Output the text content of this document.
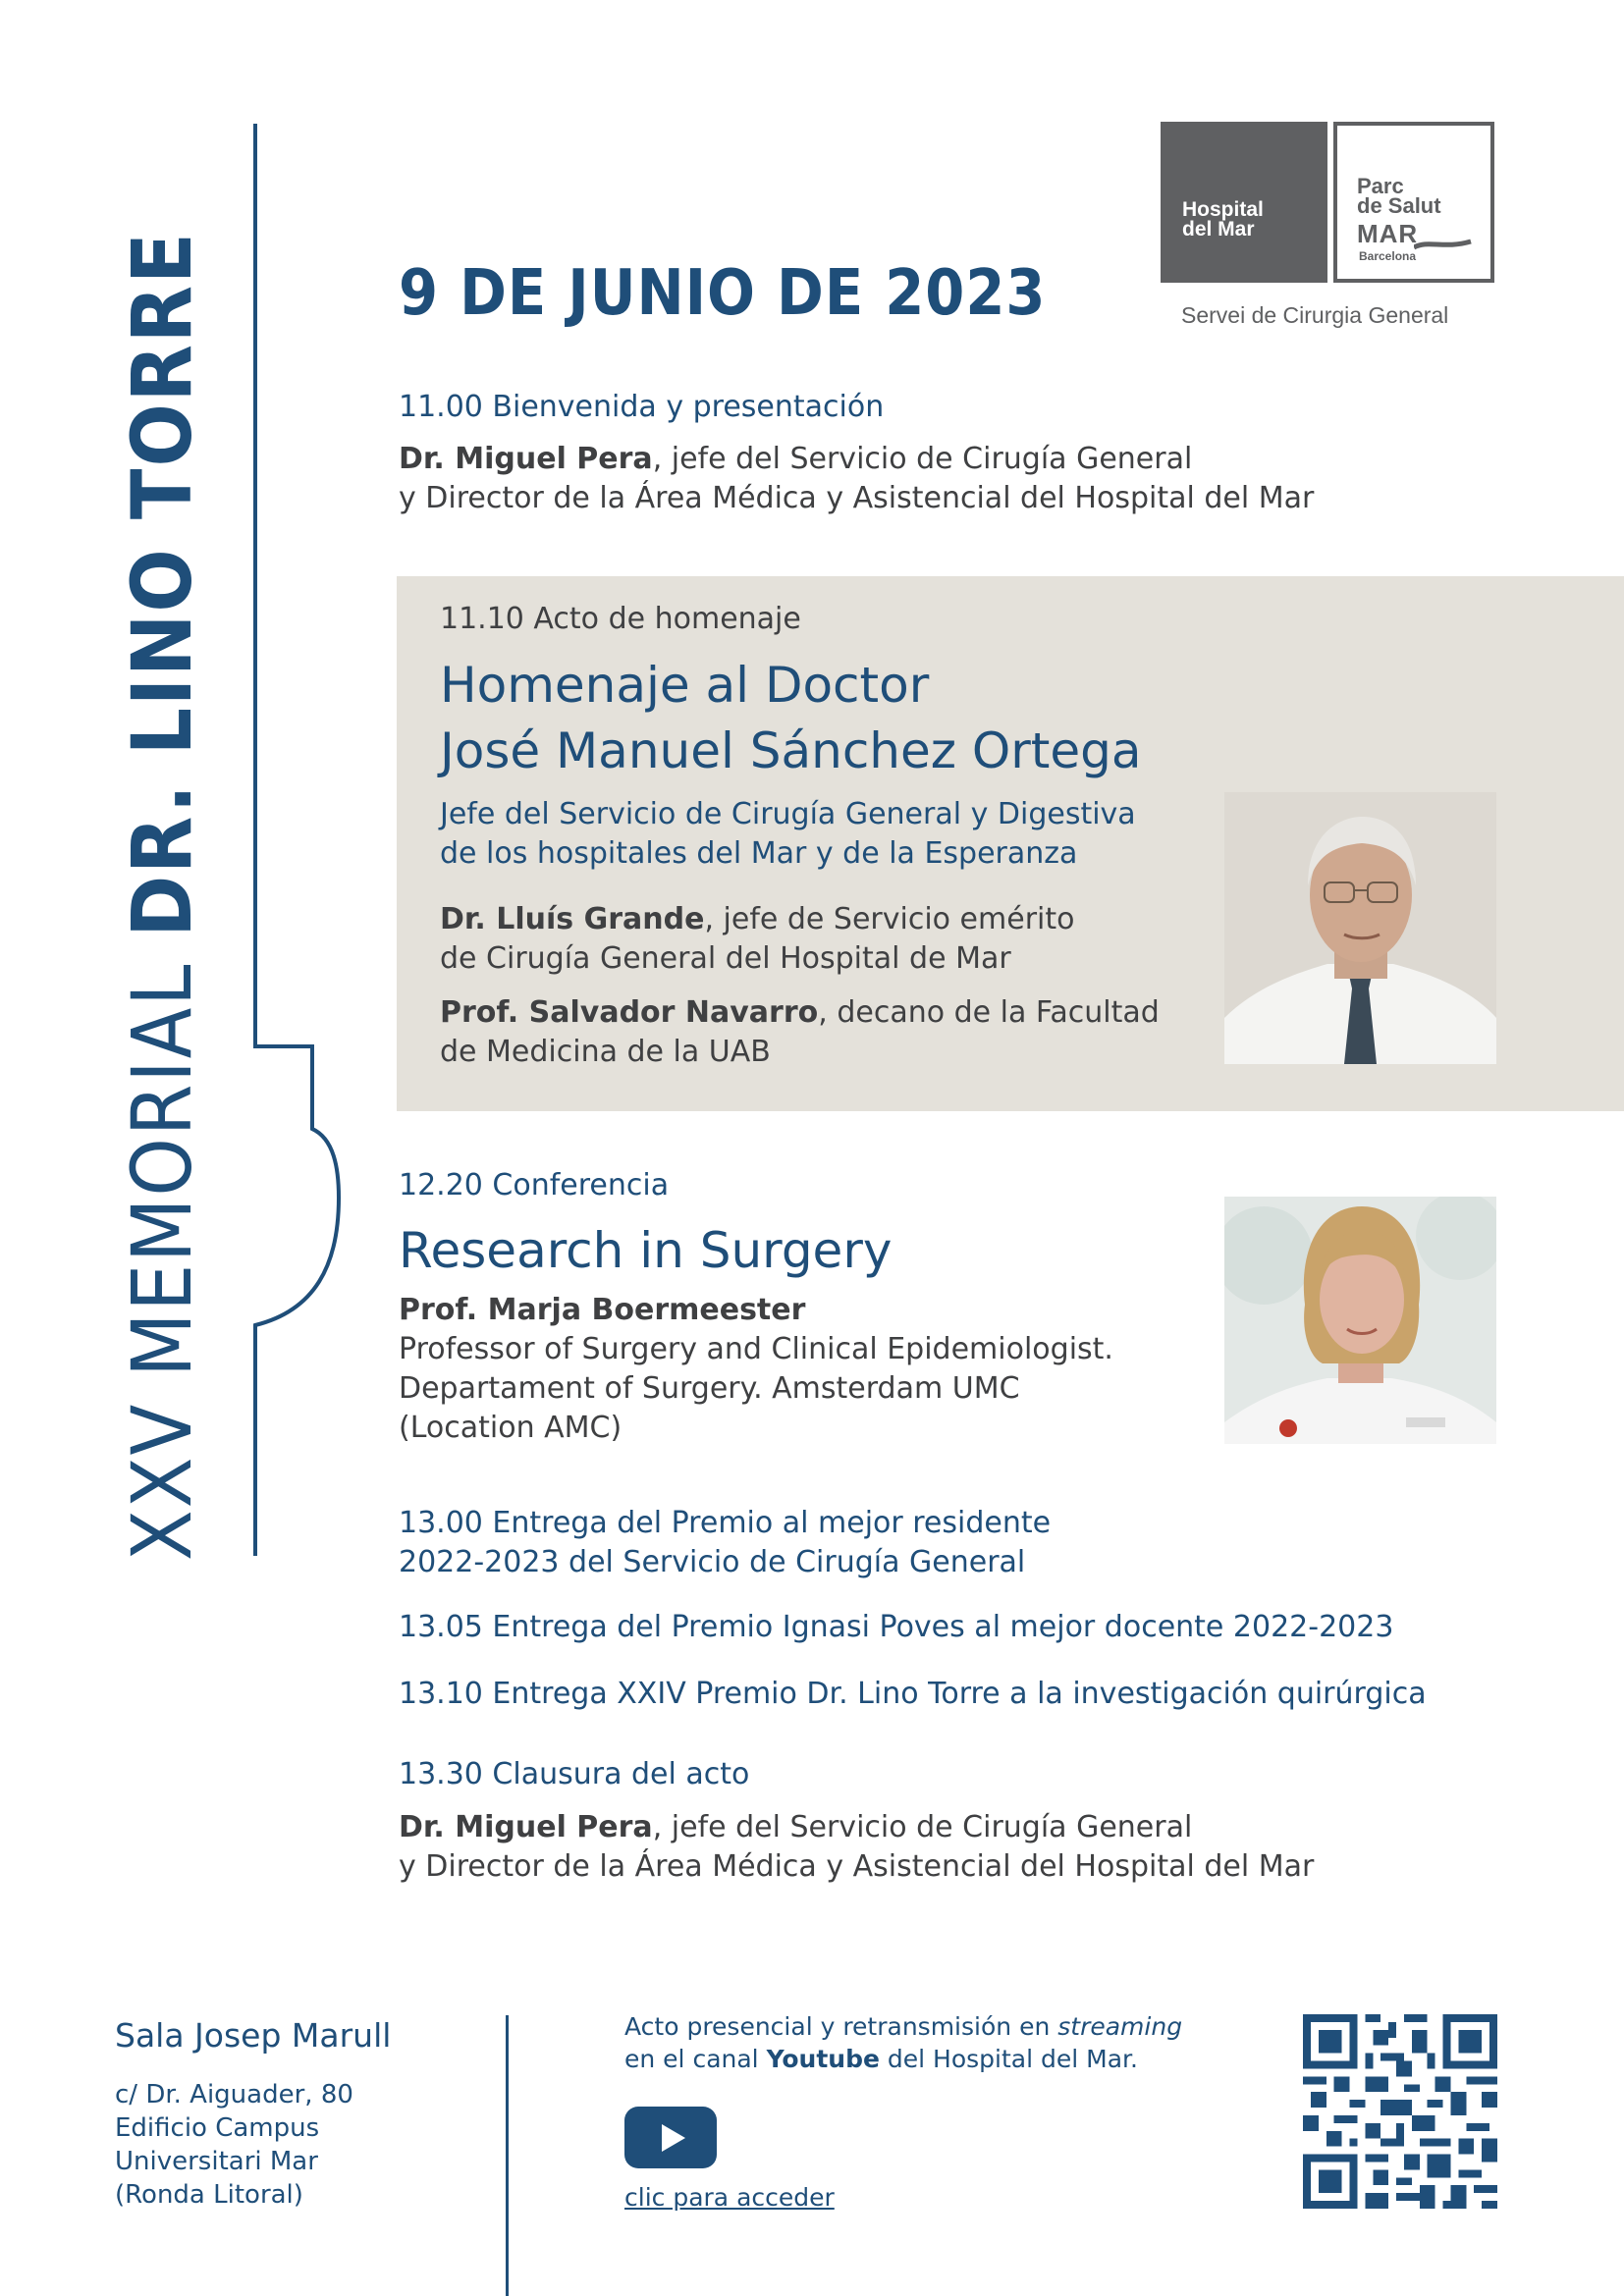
XXV MEMORIAL DR. LINO TORRE
Hospital
del Mar
Parc
de Salut
MAR
Barcelona
Servei de Cirurgia General
9 DE JUNIO DE 2023
11.00 Bienvenida y presentación
Dr. Miguel Pera, jefe del Servicio de Cirugía General
y Director de la Área Médica y Asistencial del Hospital del Mar
11.10 Acto de homenaje
Homenaje al Doctor
José Manuel Sánchez Ortega
Jefe del Servicio de Cirugía General y Digestiva
de los hospitales del Mar y de la Esperanza
Dr. Lluís Grande, jefe de Servicio emérito
de Cirugía General del Hospital de Mar
Prof. Salvador Navarro, decano de la Facultad
de Medicina de la UAB
12.20 Conferencia
Research in Surgery
Prof. Marja Boermeester
Professor of Surgery and Clinical Epidemiologist.
Departament of Surgery. Amsterdam UMC
(Location AMC)
13.00 Entrega del Premio al mejor residente
2022-2023 del Servicio de Cirugía General
13.05 Entrega del Premio Ignasi Poves al mejor docente 2022-2023
13.10 Entrega XXIV Premio Dr. Lino Torre a la investigación quirúrgica
13.30 Clausura del acto
Dr. Miguel Pera, jefe del Servicio de Cirugía General
y Director de la Área Médica y Asistencial del Hospital del Mar
Sala Josep Marull
c/ Dr. Aiguader, 80
Edificio Campus
Universitari Mar
(Ronda Litoral)
Acto presencial y retransmisión en streaming
en el canal Youtube del Hospital del Mar.
clic para acceder
